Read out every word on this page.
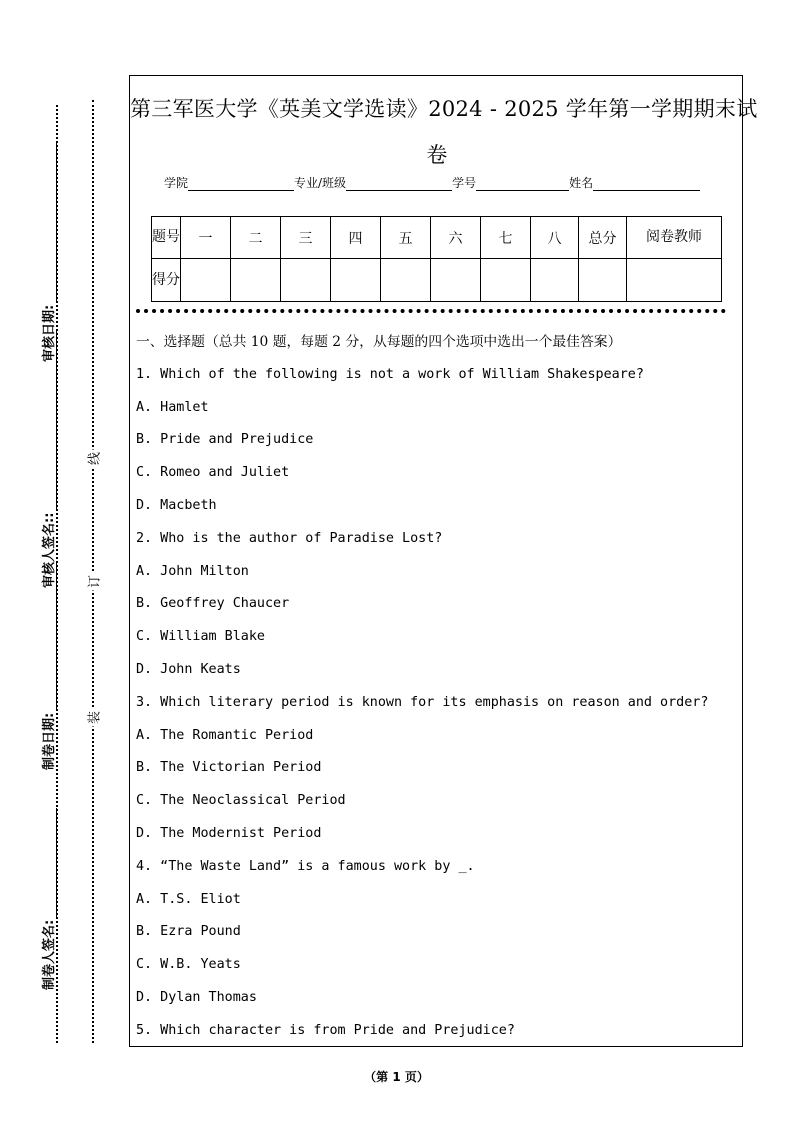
审核日期:
审核人签名::
制卷日期:
制卷人签名:
线
订
装
第三军医大学《英美文学选读》2024 - 2025 学年第一学期期末试
卷
学院	专业/班级	学号	姓名
题号	一	二	三	四	五	六	七	八	总分	阅卷教师
得分										
一、选择题（总共 10 题，每题 2 分，从每题的四个选项中选出一个最佳答案）
1. Which of the following is not a work of William Shakespeare?
A. Hamlet
B. Pride and Prejudice
C. Romeo and Juliet
D. Macbeth
2. Who is the author of Paradise Lost?
A. John Milton
B. Geoffrey Chaucer
C. William Blake
D. John Keats
3. Which literary period is known for its emphasis on reason and order?
A. The Romantic Period
B. The Victorian Period
C. The Neoclassical Period
D. The Modernist Period
4. “The Waste Land” is a famous work by _.
A. T.S. Eliot
B. Ezra Pound
C. W.B. Yeats
D. Dylan Thomas
5. Which character is from Pride and Prejudice?
（第 1 页）
